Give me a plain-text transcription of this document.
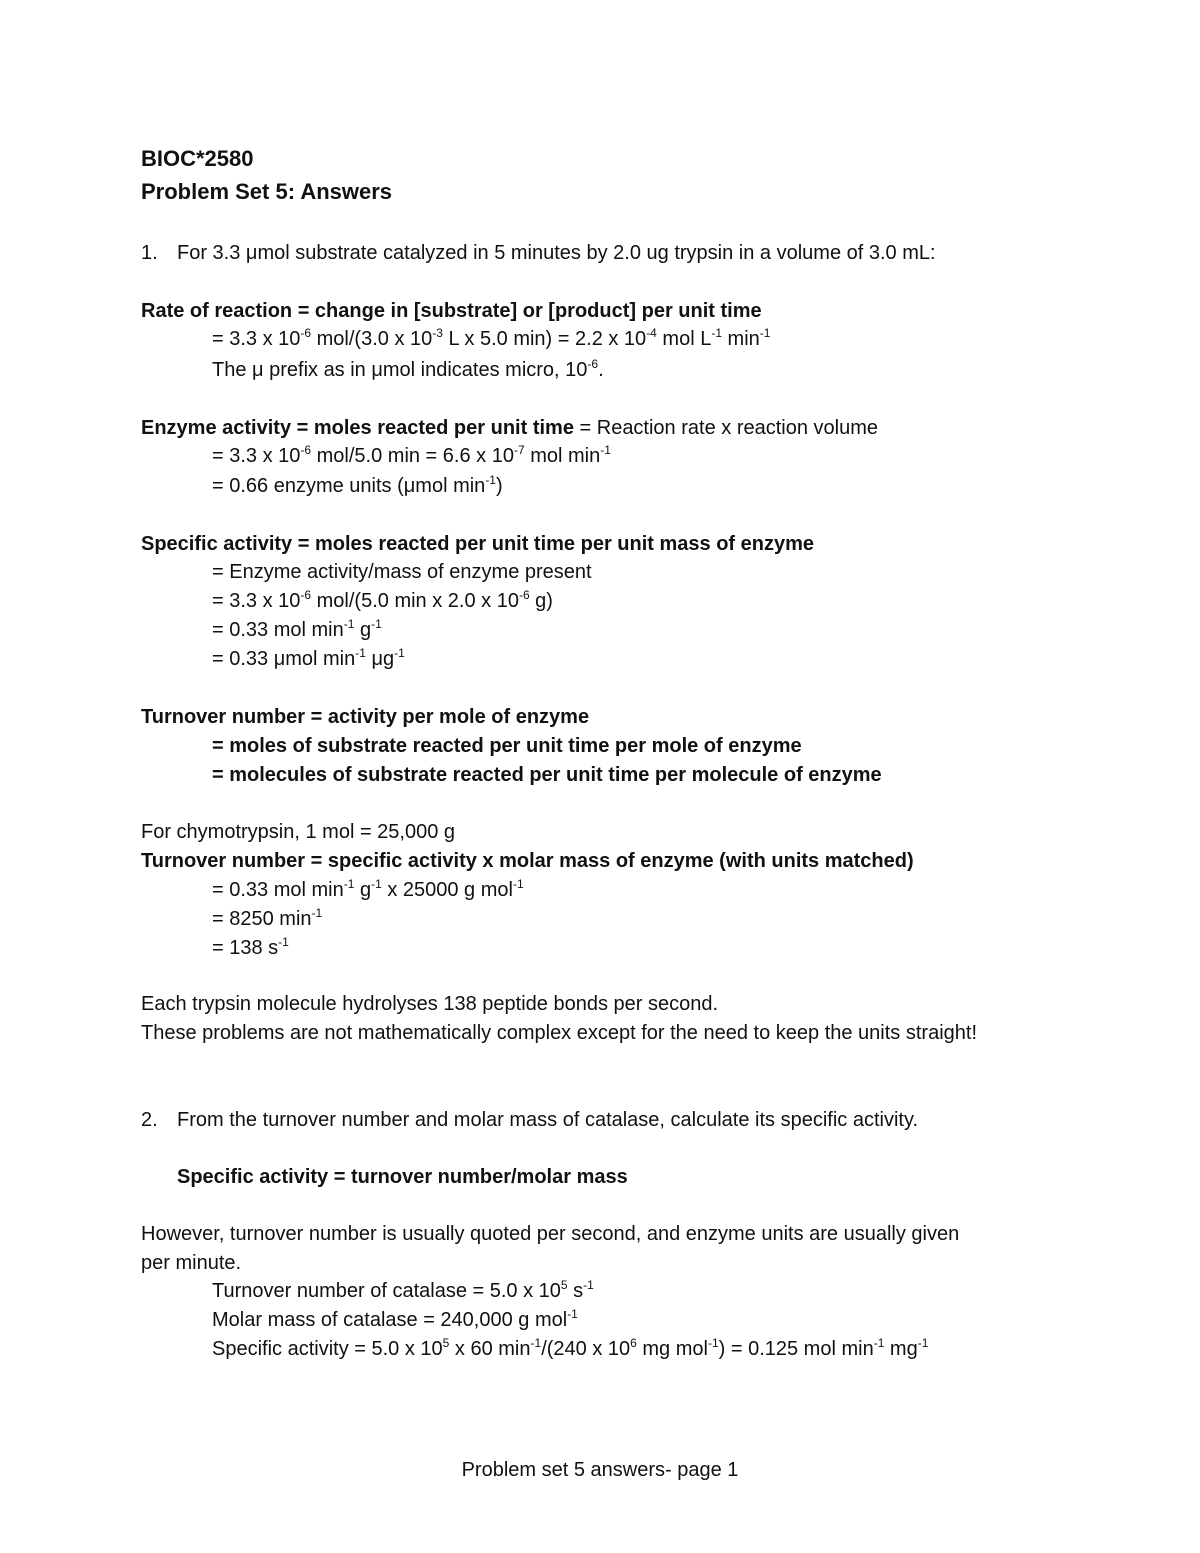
BIOC*2580
Problem Set 5: Answers
1. For 3.3 μmol substrate catalyzed in 5 minutes by 2.0 ug trypsin in a volume of 3.0 mL:
Rate of reaction = change in [substrate] or [product] per unit time
= 3.3 x $10^{-6}$ mol/(3.0 x $10^{-3}$ L x 5.0 min) = 2.2 x $10^{-4}$ mol $L^{-1}$ $\min^{-1}$
The μ prefix as in μmol indicates micro, $10^{-6}$.
Enzyme activity = moles reacted per unit time = Reaction rate x reaction volume
= 3.3 x $10^{-6}$ mol/5.0 min = 6.6 x $10^{-7}$ mol $\min^{-1}$
= 0.66 enzyme units (μmol $\min^{-1}$)
Specific activity = moles reacted per unit time per unit mass of enzyme
= Enzyme activity/mass of enzyme present
= 3.3 x $10^{-6}$ mol/(5.0 min x 2.0 x $10^{-6}$ g)
= 0.33 mol $\min^{-1} g^{-1}$
= 0.33 μmol $\min^{-1} \mu g^{-1}$
Turnover number = activity per mole of enzyme
= moles of substrate reacted per unit time per mole of enzyme
= molecules of substrate reacted per unit time per molecule of enzyme
For chymotrypsin, 1 mol = 25,000 g
Turnover number = specific activity x molar mass of enzyme (with units matched)
= 0.33 mol $\min^{-1} g^{-1}$ x 25000 g mol$^{-1}$
= 8250 $\min^{-1}$
= 138 $s^{-1}$
Each trypsin molecule hydrolyses 138 peptide bonds per second.
These problems are not mathematically complex except for the need to keep the units straight!
2. From the turnover number and molar mass of catalase, calculate its specific activity.
Specific activity = turnover number/molar mass
However, turnover number is usually quoted per second, and enzyme units are usually given
per minute.
Turnover number of catalase = 5.0 x $10^5$ $s^{-1}$
Molar mass of catalase = 240,000 g mol$^{-1}$
Specific activity = 5.0 x $10^5$ x 60 $\min^{-1}/(240$ x $10^6$ mg mol$^{-1}$) = 0.125 mol $\min^{-1} mg^{-1}$
Problem set 5 answers- page 1
